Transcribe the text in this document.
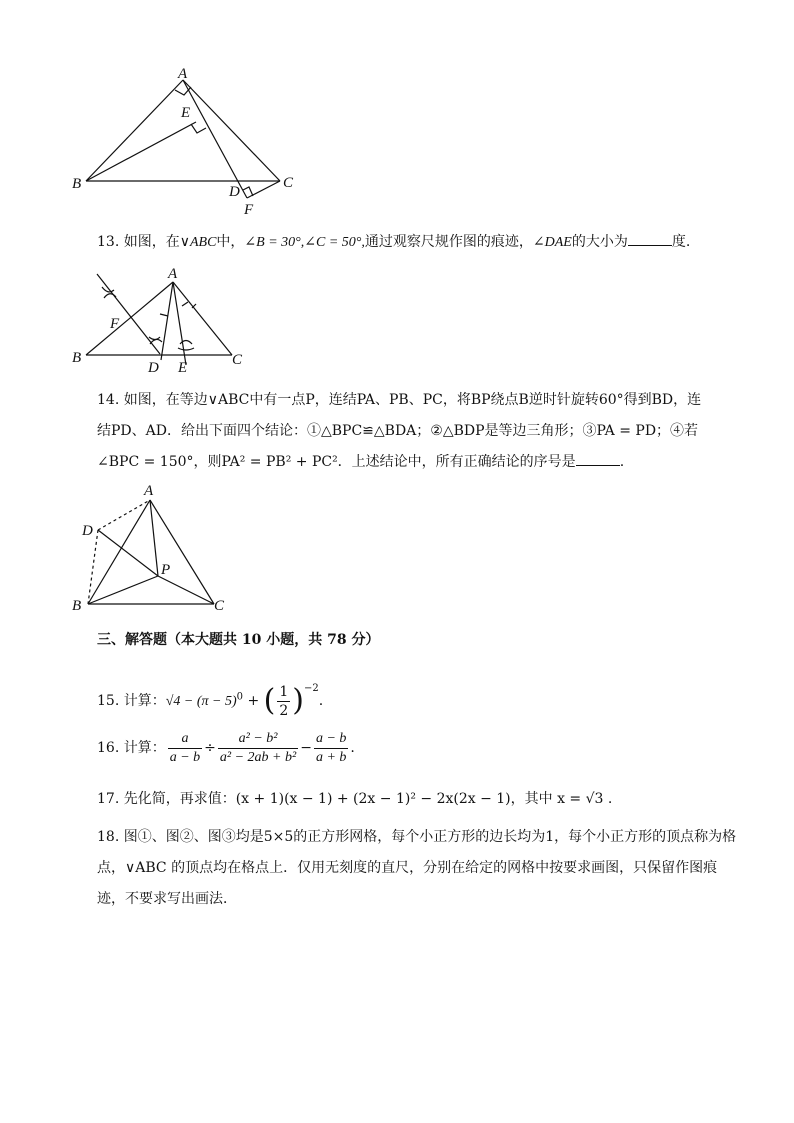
A
E
B	D
C
F
13. 如图，在∨ABC中，∠B = 30°,∠C = 50°,通过观察尺规作图的痕迹，∠DAE的大小为	度.
A
F
B
D E	C
14. 如图，在等边∨ABC中有一点P，连结PA、PB、PC，将BP绕点B逆时针旋转60°得到BD，连
结PD、AD．给出下面四个结论：①△BPC≌△BDA；②△BDP是等边三角形；③PA = PD；④若
∠BPC = 150°，则PA² = PB² + PC²．上述结论中，所有正确结论的序号是	.
A
D
P
B	C
三、解答题（本大题共 10 小题，共 78 分）
15. 计算：$√4 - (\pi - 5)^0$ + ( $\frac{1}{2} )^{-2}$.
16. 计算： $\frac{a}{a - b} \div \frac{\text{a² − b²}}{\text{a² − 2ab + b²}} - \frac{a - b}{a + b}$ .
17. 先化简，再求值：(x + 1)(x − 1) + (2x − 1)² − 2x(2x − 1)，其中 x = √3 .
18. 图①、图②、图③均是5×5的正方形网格，每个小正方形的边长均为1，每个小正方形的顶点称为格
点，∨ABC 的顶点均在格点上．仅用无刻度的直尺，分别在给定的网格中按要求画图，只保留作图痕
迹，不要求写出画法．
